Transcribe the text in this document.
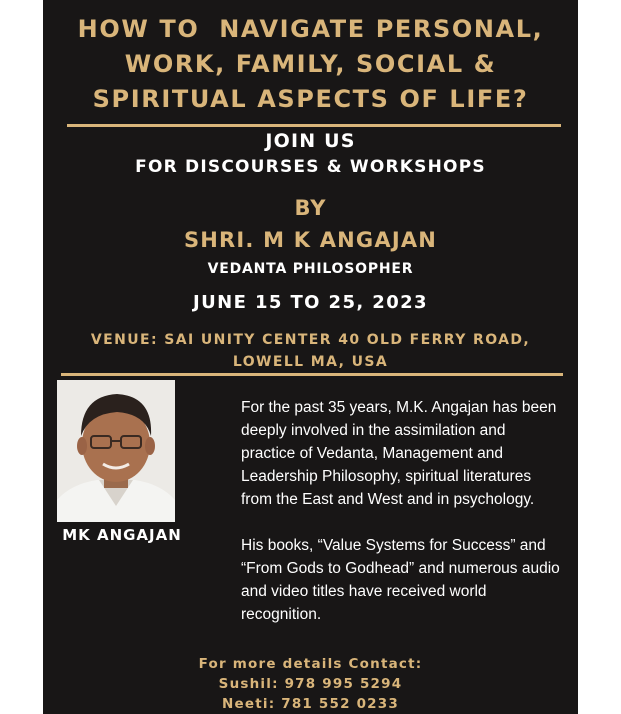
HOW TO  NAVIGATE PERSONAL,
WORK, FAMILY, SOCIAL &
SPIRITUAL ASPECTS OF LIFE?
JOIN US
FOR DISCOURSES & WORKSHOPS
BY
SHRI. M K ANGAJAN
VEDANTA PHILOSOPHER
JUNE 15 TO 25, 2023
VENUE: SAI UNITY CENTER 40 OLD FERRY ROAD,
LOWELL MA, USA
MK ANGAJAN

For the past 35 years, M.K. Angajan has been deeply involved in the assimilation and practice of Vedanta, Management and Leadership Philosophy, spiritual literatures from the East and West and in psychology.

His books, “Value Systems for Success” and “From Gods to Godhead” and numerous audio and video titles have received world recognition.

For more details Contact:
Sushil: 978 995 5294
Neeti: 781 552 0233
